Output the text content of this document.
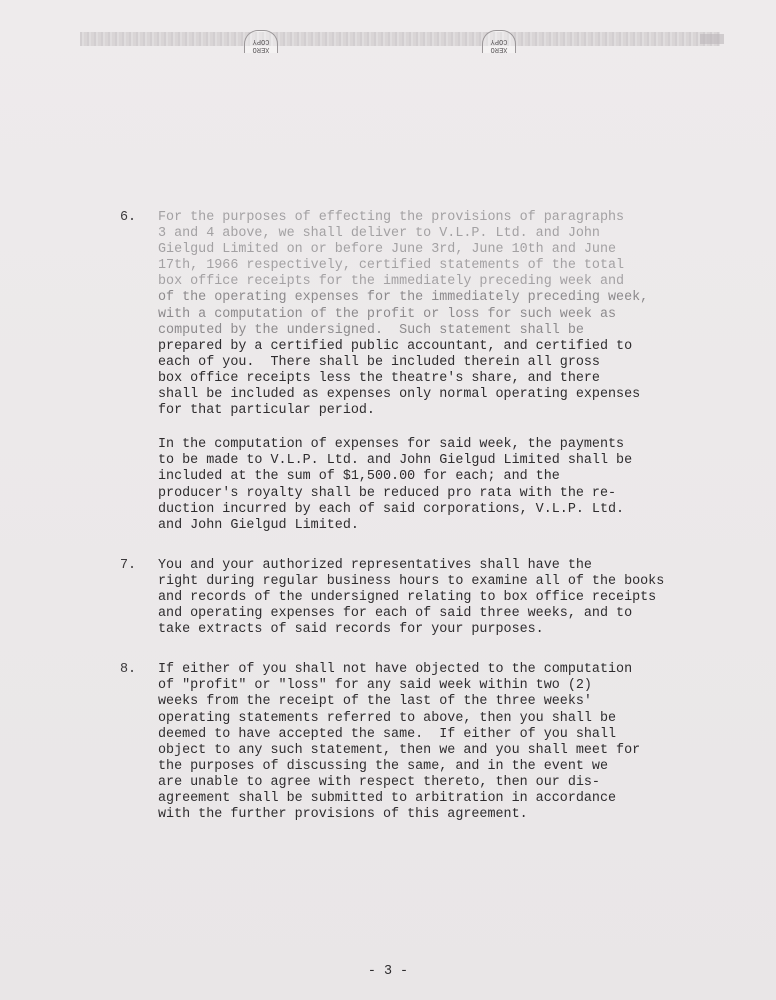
XERO
COPY
XERO
COPY
6. For the purposes of effecting the provisions of paragraphs
3 and 4 above, we shall deliver to V.L.P. Ltd. and John
Gielgud Limited on or before June 3rd, June 10th and June
17th, 1966 respectively, certified statements of the total
box office receipts for the immediately preceding week and
of the operating expenses for the immediately preceding week,
with a computation of the profit or loss for such week as
computed by the undersigned.  Such statement shall be
prepared by a certified public accountant, and certified to
each of you.  There shall be included therein all gross
box office receipts less the theatre's share, and there
shall be included as expenses only normal operating expenses
for that particular period.
In the computation of expenses for said week, the payments
to be made to V.L.P. Ltd. and John Gielgud Limited shall be
included at the sum of $1,500.00 for each; and the
producer's royalty shall be reduced pro rata with the re-
duction incurred by each of said corporations, V.L.P. Ltd.
and John Gielgud Limited.
7. You and your authorized representatives shall have the
right during regular business hours to examine all of the books
and records of the undersigned relating to box office receipts
and operating expenses for each of said three weeks, and to
take extracts of said records for your purposes.
8. If either of you shall not have objected to the computation
of "profit" or "loss" for any said week within two (2)
weeks from the receipt of the last of the three weeks'
operating statements referred to above, then you shall be
deemed to have accepted the same.  If either of you shall
object to any such statement, then we and you shall meet for
the purposes of discussing the same, and in the event we
are unable to agree with respect thereto, then our dis-
agreement shall be submitted to arbitration in accordance
with the further provisions of this agreement.
- 3 -
